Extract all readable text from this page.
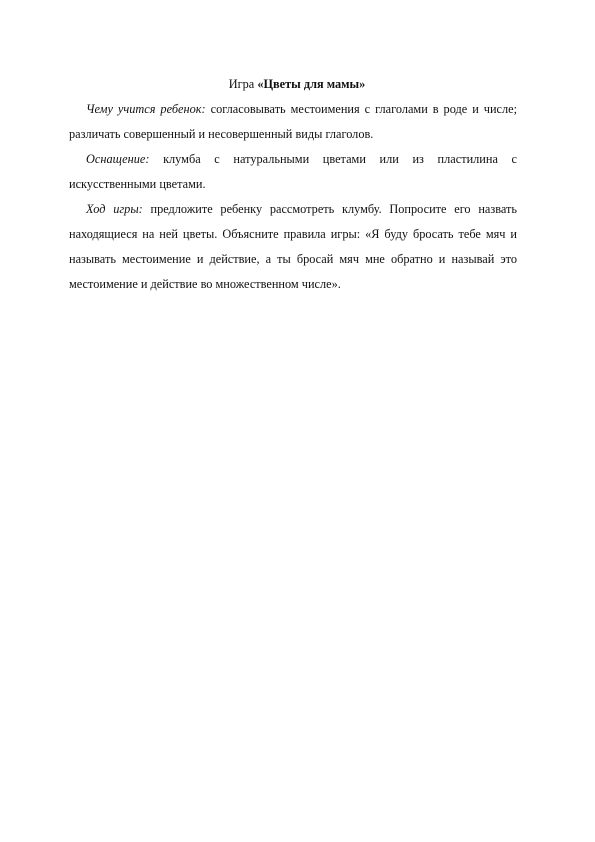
Игра «Цветы для мамы»

Чему учится ребенок: согласовывать местоимения с глаголами в роде и числе; различать совершенный и несовершенный виды глаголов.

Оснащение: клумба с натуральными цветами или из пластилина с искусственными цветами.

Ход игры: предложите ребенку рассмотреть клумбу. Попросите его назвать находящиеся на ней цветы. Объясните правила игры: «Я буду бросать тебе мяч и называть местоимение и действие, а ты бросай мяч мне обратно и называй это местоимение и действие во множественном числе».
